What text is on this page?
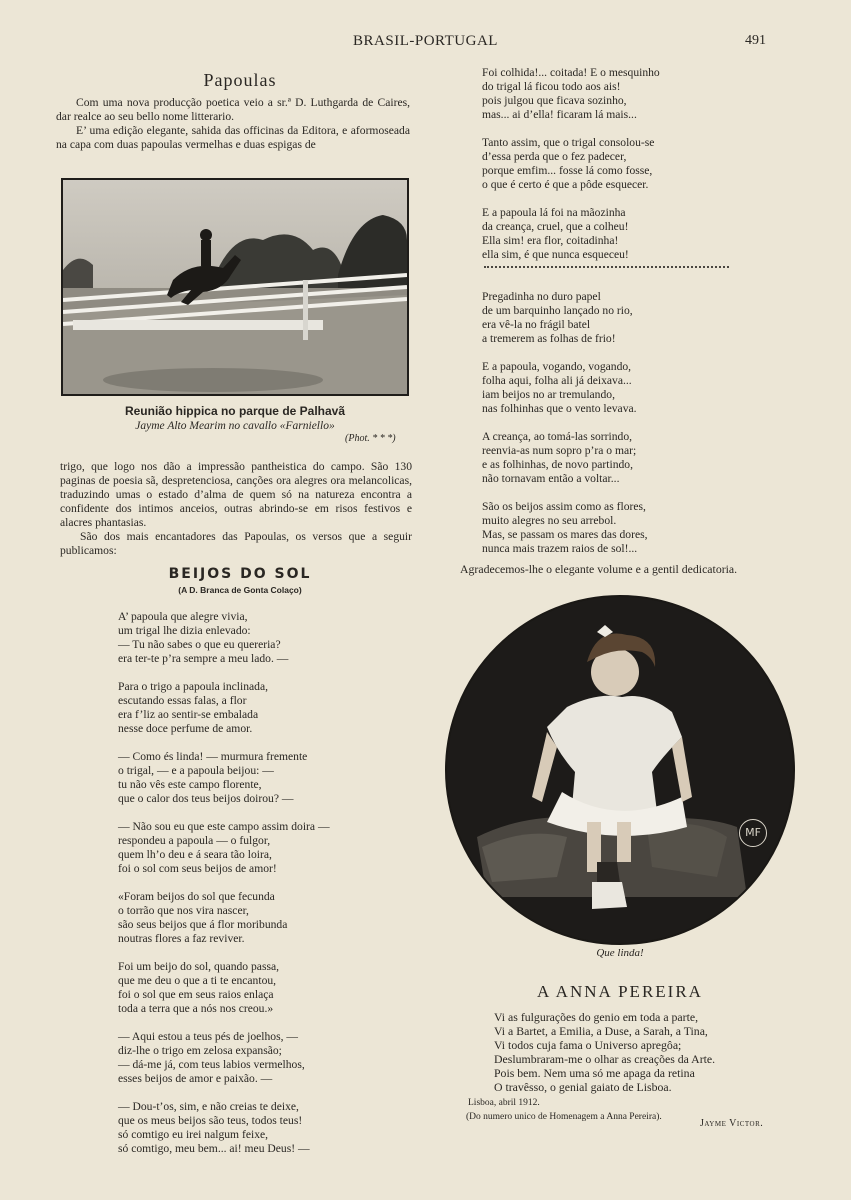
BRASIL-PORTUGAL	491
Papoulas

Com uma nova producção poetica veio a sr.ª D. Luthgarda de Caires, dar realce ao seu bello nome litterario.

E’ uma edição elegante, sahida das officinas da Editora, e aformoseada na capa com duas papoulas vermelhas e duas espigas de

Reunião hippica no parque de Palhavã
Jayme Alto Mearim no cavallo «Farniello»
(Phot. * * *)

trigo, que logo nos dão a impressão pantheistica do campo. São 130 paginas de poesia sã, despretenciosa, canções ora alegres ora melancolicas, traduzindo umas o estado d’alma de quem só na natureza encontra a confidente dos intimos anceios, outras abrindo-se em risos festivos e alacres phantasias.

São dos mais encantadores das Papoulas, os versos que a seguir publicamos:

BEIJOS DO SOL
(A D. Branca de Gonta Colaço)
A’ papoula que alegre vivia,
um trigal lhe dizia enlevado:
— Tu não sabes o que eu quereria?
era ter-te p’ra sempre a meu lado. —
Para o trigo a papoula inclinada,
escutando essas falas, a flor
era f’liz ao sentir-se embalada
nesse doce perfume de amor.
— Como és linda! — murmura fremente
o trigal, — e a papoula beijou: —
tu não vês este campo florente,
que o calor dos teus beijos doirou? —
— Não sou eu que este campo assim doira —
respondeu a papoula — o fulgor,
quem lh’o deu e á seara tão loira,
foi o sol com seus beijos de amor!
«Foram beijos do sol que fecunda
o torrão que nos vira nascer,
são seus beijos que á flor moribunda
noutras flores a faz reviver.
Foi um beijo do sol, quando passa,
que me deu o que a ti te encantou,
foi o sol que em seus raios enlaça
toda a terra que a nós nos creou.»
— Aqui estou a teus pés de joelhos, —
diz-lhe o trigo em zelosa expansão;
— dá-me já, com teus labios vermelhos,
esses beijos de amor e paixão. —
— Dou-t’os, sim, e não creias te deixe,
que os meus beijos são teus, todos teus!
só comtigo eu irei nalgum feixe,
só comtigo, meu bem... ai! meu Deus! —
Foi colhida!... coitada! E o mesquinho
do trigal lá ficou todo aos ais!
pois julgou que ficava sozinho,
mas... ai d’ella! ficaram lá mais...
Tanto assim, que o trigal consolou-se
d’essa perda que o fez padecer,
porque emfim... fosse lá como fosse,
o que é certo é que a pôde esquecer.
E a papoula lá foi na mãozinha
da creança, cruel, que a colheu!
Ella sim! era flor, coitadinha!
ella sim, é que nunca esqueceu!
Pregadinha no duro papel
de um barquinho lançado no rio,
era vê-la no frágil batel
a tremerem as folhas de frio!
E a papoula, vogando, vogando,
folha aqui, folha ali já deixava...
iam beijos no ar tremulando,
nas folhinhas que o vento levava.
A creança, ao tomá-las sorrindo,
reenvia-as num sopro p’ra o mar;
e as folhinhas, de novo partindo,
não tornavam então a voltar...
São os beijos assim como as flores,
muito alegres no seu arrebol.
Mas, se passam os mares das dores,
nunca mais trazem raios de sol!...
Agradecemos-lhe o elegante volume e a gentil dedicatoria.
MF
Que linda!
A ANNA PEREIRA
Vi as fulgurações do genio em toda a parte,
Vi a Bartet, a Emilia, a Duse, a Sarah, a Tina,
Vi todos cuja fama o Universo apregôa;
Deslumbraram-me o olhar as creações da Arte.
Pois bem. Nem uma só me apaga da retina
O travêsso, o genial gaiato de Lisboa.
Lisboa, abril 1912.
(Do numero unico de Homenagem a Anna Pereira).
Jayme Victor.
